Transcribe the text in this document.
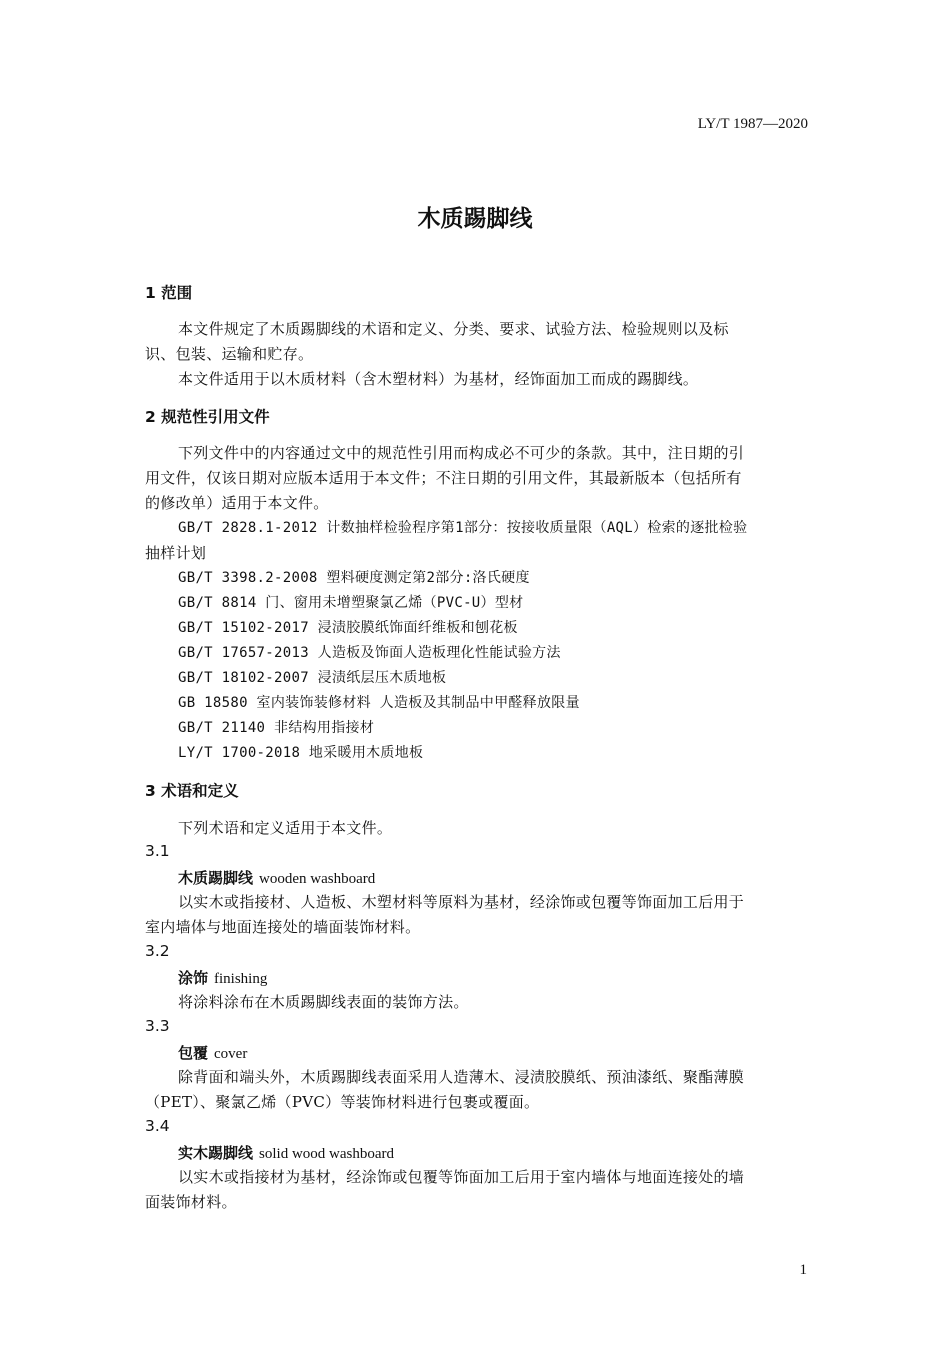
LY/T 1987—2020
木质踢脚线
1 范围
本文件规定了木质踢脚线的术语和定义、分类、要求、试验方法、检验规则以及标
识、包装、运输和贮存。
本文件适用于以木质材料（含木塑材料）为基材，经饰面加工而成的踢脚线。
2 规范性引用文件
下列文件中的内容通过文中的规范性引用而构成必不可少的条款。其中，注日期的引
用文件，仅该日期对应版本适用于本文件；不注日期的引用文件，其最新版本（包括所有
的修改单）适用于本文件。
GB/T 2828.1-2012 计数抽样检验程序第1部分：按接收质量限（AQL）检索的逐批检验
抽样计划
GB/T 3398.2-2008 塑料硬度测定第2部分:洛氏硬度
GB/T 8814 门、窗用未增塑聚氯乙烯（PVC-U）型材
GB/T 15102-2017 浸渍胶膜纸饰面纤维板和刨花板
GB/T 17657-2013 人造板及饰面人造板理化性能试验方法
GB/T 18102-2007 浸渍纸层压木质地板
GB 18580 室内装饰装修材料 人造板及其制品中甲醛释放限量
GB/T 21140 非结构用指接材
LY/T 1700-2018 地采暖用木质地板
3 术语和定义
下列术语和定义适用于本文件。
3.1
木质踢脚线 wooden washboard
以实木或指接材、人造板、木塑材料等原料为基材，经涂饰或包覆等饰面加工后用于
室内墙体与地面连接处的墙面装饰材料。
3.2
涂饰 finishing
将涂料涂布在木质踢脚线表面的装饰方法。
3.3
包覆 cover
除背面和端头外，木质踢脚线表面采用人造薄木、浸渍胶膜纸、预油漆纸、聚酯薄膜
（PET）、聚氯乙烯（PVC）等装饰材料进行包裹或覆面。
3.4
实木踢脚线 solid wood washboard
以实木或指接材为基材，经涂饰或包覆等饰面加工后用于室内墙体与地面连接处的墙
面装饰材料。
1
